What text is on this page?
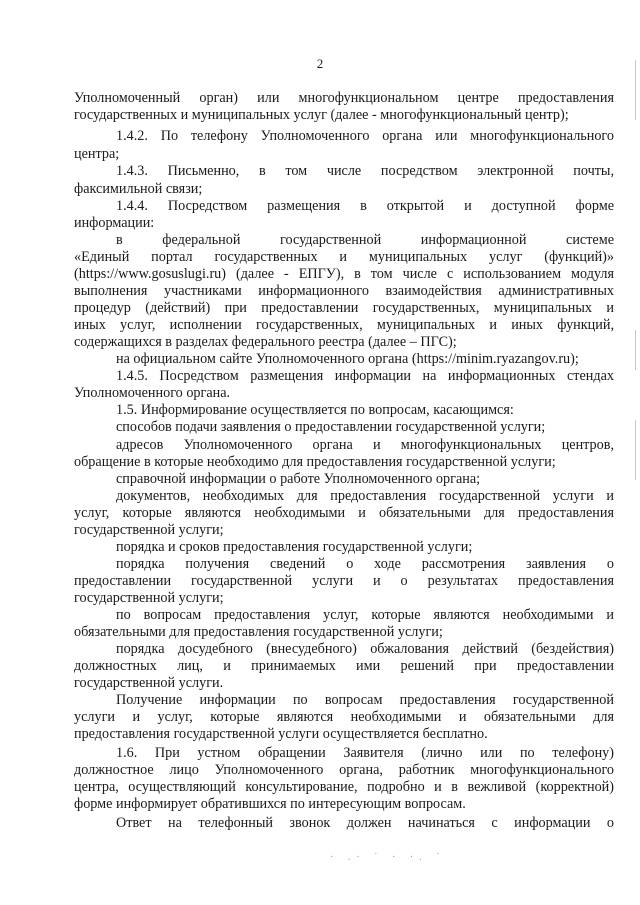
2
Уполномоченный орган) или многофункциональном центре предоставления
государственных и муниципальных услуг (далее - многофункциональный центр);
1.4.2. По телефону Уполномоченного органа или многофункционального
центра;
1.4.3. Письменно, в том числе посредством электронной почты,
факсимильной связи;
1.4.4. Посредством размещения в открытой и доступной форме
информации:
в федеральной государственной информационной системе
«Единый портал государственных и муниципальных услуг (функций)»
(https://www.gosuslugi.ru) (далее - ЕПГУ), в том числе с использованием модуля
выполнения участниками информационного взаимодействия административных
процедур (действий) при предоставлении государственных, муниципальных и
иных услуг, исполнении государственных, муниципальных и иных функций,
содержащихся в разделах федерального реестра (далее – ПГС);
на официальном сайте Уполномоченного органа (https://minim.ryazangov.ru);
1.4.5. Посредством размещения информации на информационных стендах
Уполномоченного органа.
1.5. Информирование осуществляется по вопросам, касающимся:
способов подачи заявления о предоставлении государственной услуги;
адресов Уполномоченного органа и многофункциональных центров,
обращение в которые необходимо для предоставления государственной услуги;
справочной информации о работе Уполномоченного органа;
документов, необходимых для предоставления государственной услуги и
услуг, которые являются необходимыми и обязательными для предоставления
государственной услуги;
порядка и сроков предоставления государственной услуги;
порядка получения сведений о ходе рассмотрения заявления о
предоставлении государственной услуги и о результатах предоставления
государственной услуги;
по вопросам предоставления услуг, которые являются необходимыми и
обязательными для предоставления государственной услуги;
порядка досудебного (внесудебного) обжалования действий (бездействия)
должностных лиц, и принимаемых ими решений при предоставлении
государственной услуги.
Получение информации по вопросам предоставления государственной
услуги и услуг, которые являются необходимыми и обязательными для
предоставления государственной услуги осуществляется бесплатно.
1.6. При устном обращении Заявителя (лично или по телефону)
должностное лицо Уполномоченного органа, работник многофункционального
центра, осуществляющий консультирование, подробно и в вежливой (корректной)
форме информирует обратившихся по интересующим вопросам.
Ответ на телефонный звонок должен начинаться с информации о
· .· ˙ · ·. ˙
